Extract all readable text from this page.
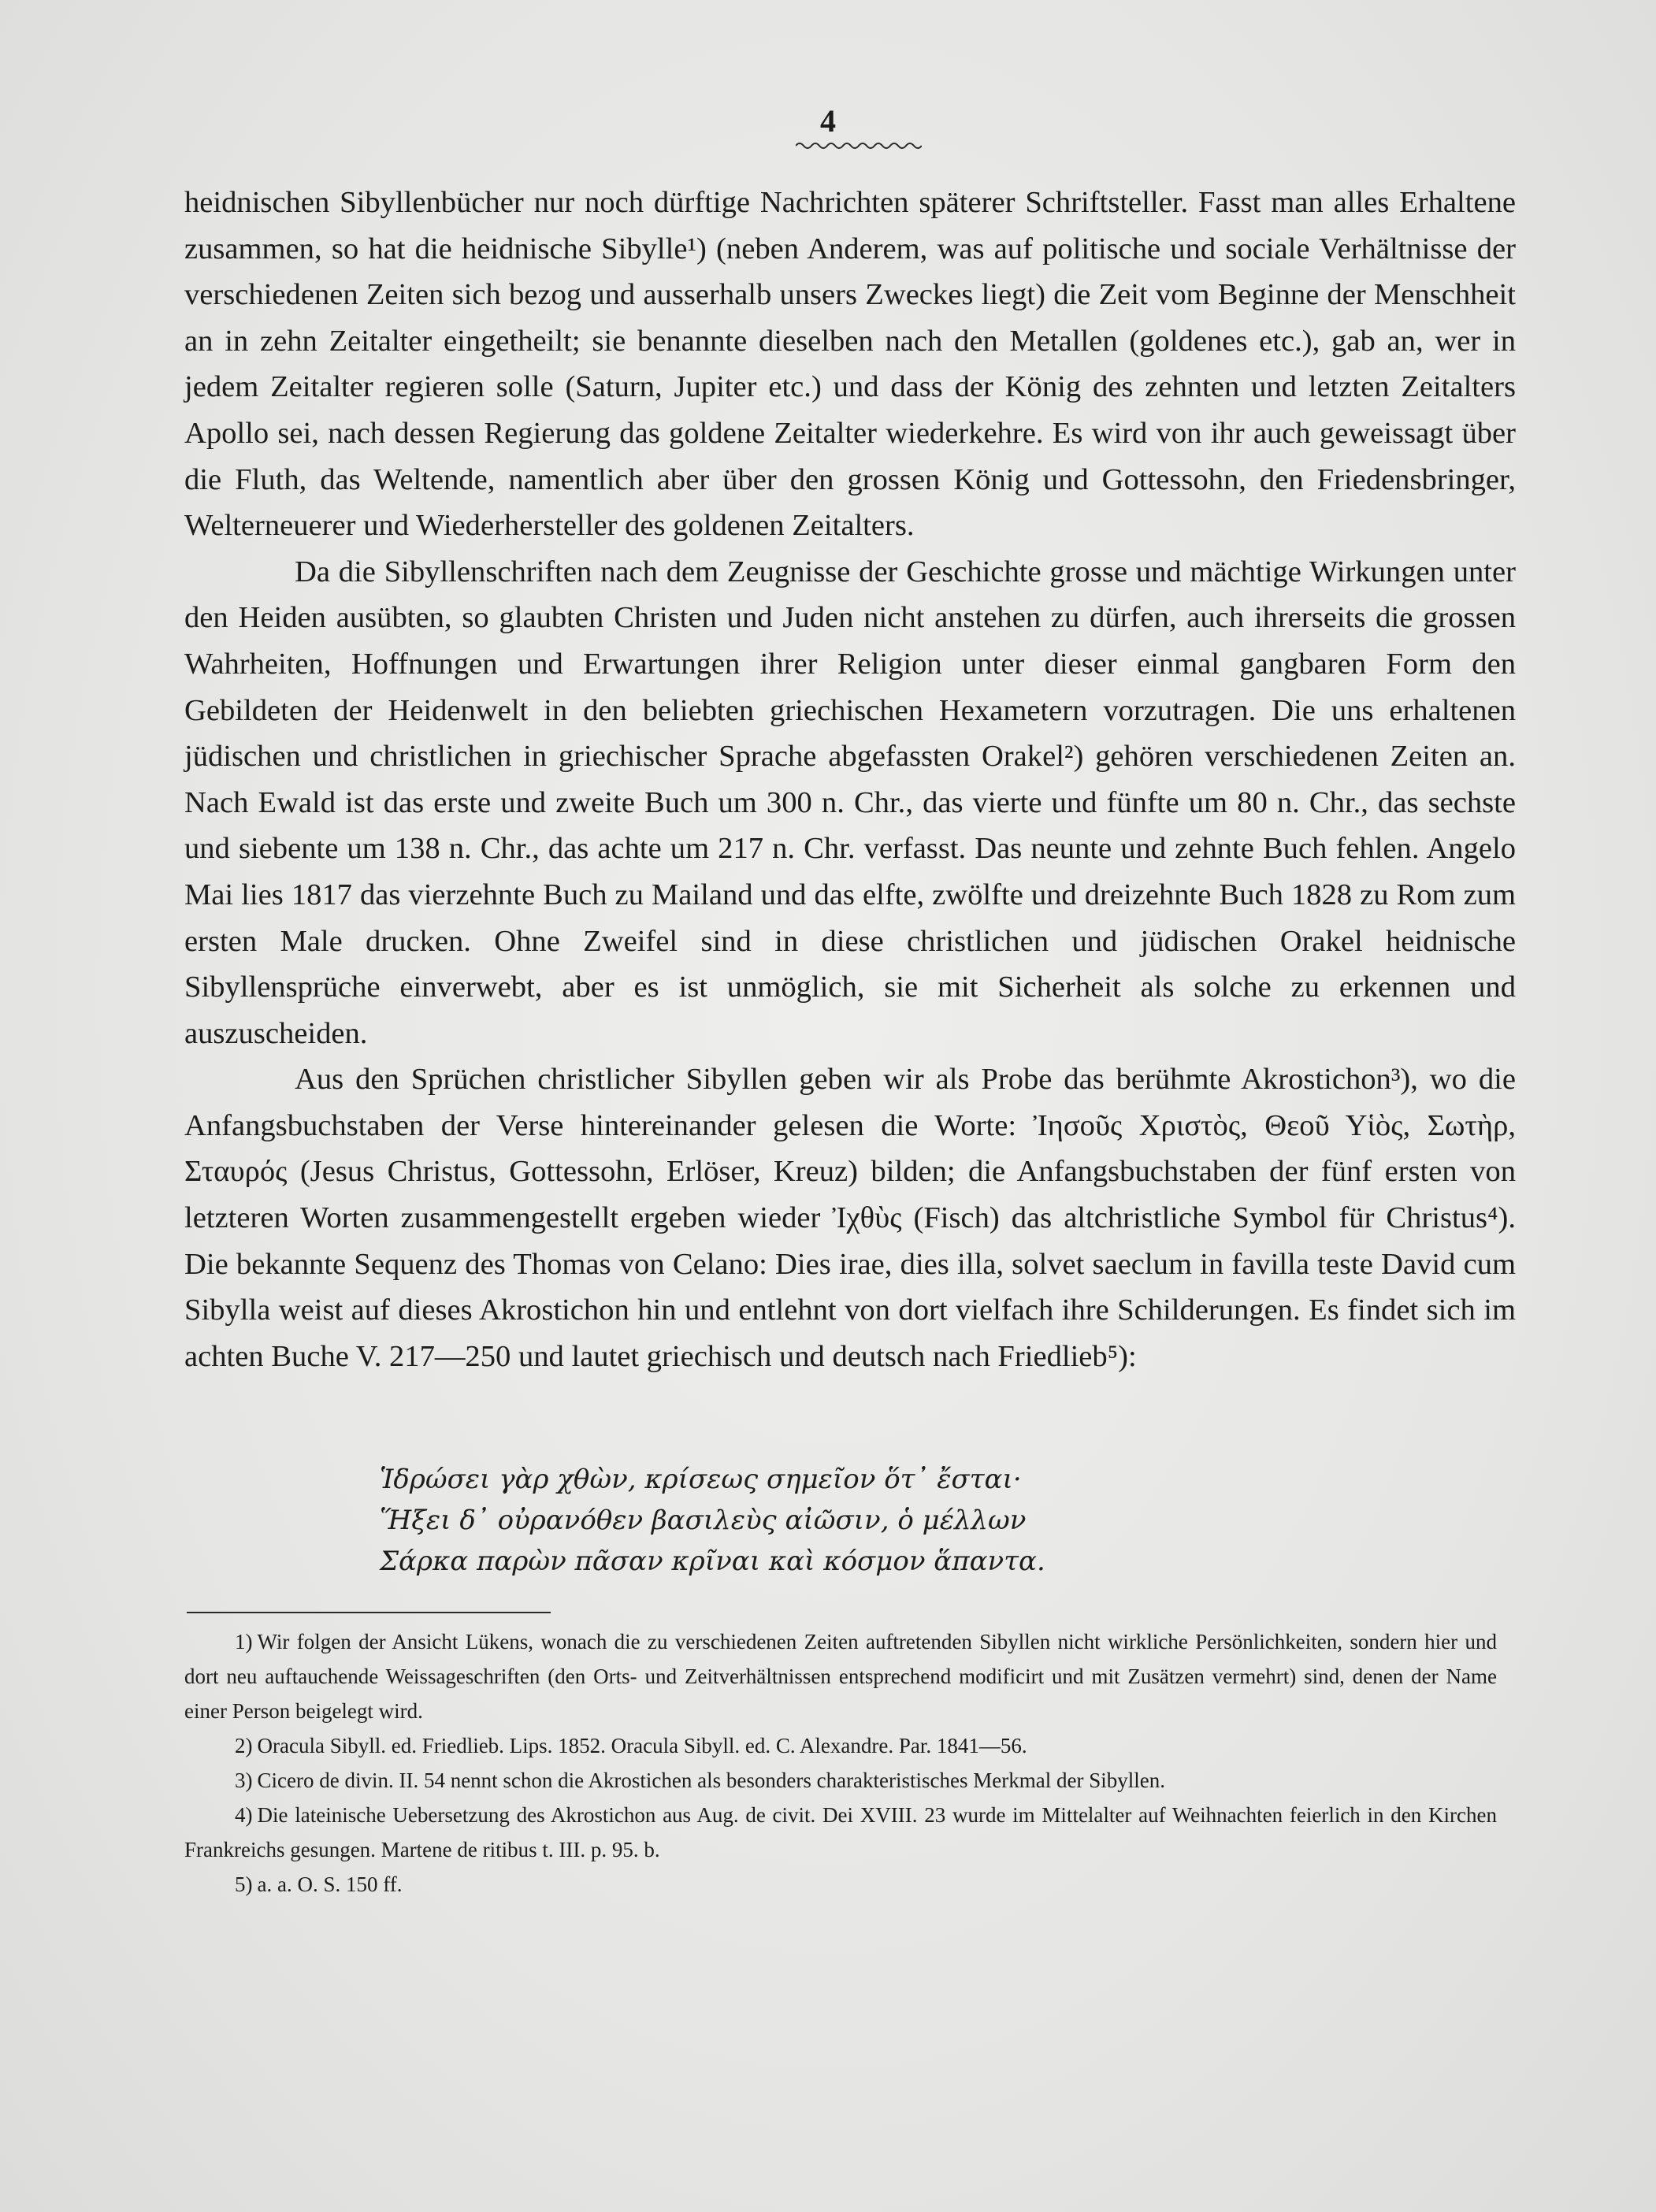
4

heidnischen Sibyllenbücher nur noch dürftige Nachrichten späterer Schriftsteller. Fasst man alles Erhaltene zusammen, so hat die heidnische Sibylle¹) (neben Anderem, was auf politische und sociale Verhältnisse der verschiedenen Zeiten sich bezog und ausserhalb unsers Zweckes liegt) die Zeit vom Beginne der Menschheit an in zehn Zeitalter eingetheilt; sie benannte dieselben nach den Metallen (goldenes etc.), gab an, wer in jedem Zeitalter regieren solle (Saturn, Jupiter etc.) und dass der König des zehnten und letzten Zeitalters Apollo sei, nach dessen Regierung das goldene Zeitalter wiederkehre. Es wird von ihr auch geweissagt über die Fluth, das Weltende, namentlich aber über den grossen König und Gottessohn, den Friedensbringer, Welterneuerer und Wiederhersteller des goldenen Zeitalters.

Da die Sibyllenschriften nach dem Zeugnisse der Geschichte grosse und mächtige Wirkungen unter den Heiden ausübten, so glaubten Christen und Juden nicht anstehen zu dürfen, auch ihrerseits die grossen Wahrheiten, Hoffnungen und Erwartungen ihrer Religion unter dieser einmal gangbaren Form den Gebildeten der Heidenwelt in den beliebten griechischen Hexametern vorzutragen. Die uns erhaltenen jüdischen und christlichen in griechischer Sprache abgefassten Orakel²) gehören verschiedenen Zeiten an. Nach Ewald ist das erste und zweite Buch um 300 n. Chr., das vierte und fünfte um 80 n. Chr., das sechste und siebente um 138 n. Chr., das achte um 217 n. Chr. verfasst. Das neunte und zehnte Buch fehlen. Angelo Mai lies 1817 das vierzehnte Buch zu Mailand und das elfte, zwölfte und dreizehnte Buch 1828 zu Rom zum ersten Male drucken. Ohne Zweifel sind in diese christlichen und jüdischen Orakel heidnische Sibyllensprüche einverwebt, aber es ist unmöglich, sie mit Sicherheit als solche zu erkennen und auszuscheiden.

Aus den Sprüchen christlicher Sibyllen geben wir als Probe das berühmte Akrostichon³), wo die Anfangsbuchstaben der Verse hintereinander gelesen die Worte: Ἰησοῦς Χριστὸς, Θεοῦ Υἱὸς, Σωτὴρ, Σταυρός (Jesus Christus, Gottessohn, Erlöser, Kreuz) bilden; die Anfangsbuchstaben der fünf ersten von letzteren Worten zusammengestellt ergeben wieder Ἰχθὺς (Fisch) das altchristliche Symbol für Christus⁴). Die bekannte Sequenz des Thomas von Celano: Dies irae, dies illa, solvet saeclum in favilla teste David cum Sibylla weist auf dieses Akrostichon hin und entlehnt von dort vielfach ihre Schilderungen. Es findet sich im achten Buche V. 217—250 und lautet griechisch und deutsch nach Friedlieb⁵):

Ἱδρώσει γὰρ χθὼν, κρίσεως σημεῖον ὅτ᾽ ἔσται·
Ἥξει δ᾽ οὐρανόθεν βασιλεὺς αἰῶσιν, ὁ μέλλων
Σάρκα παρὼν πᾶσαν κρῖναι καὶ κόσμον ἅπαντα.

1) Wir folgen der Ansicht Lükens, wonach die zu verschiedenen Zeiten auftretenden Sibyllen nicht wirkliche Persönlichkeiten, sondern hier und dort neu auftauchende Weissageschriften (den Orts- und Zeitverhältnissen entsprechend modificirt und mit Zusätzen vermehrt) sind, denen der Name einer Person beigelegt wird.

2) Oracula Sibyll. ed. Friedlieb. Lips. 1852. Oracula Sibyll. ed. C. Alexandre. Par. 1841—56.

3) Cicero de divin. II. 54 nennt schon die Akrostichen als besonders charakteristisches Merkmal der Sibyllen.

4) Die lateinische Uebersetzung des Akrostichon aus Aug. de civit. Dei XVIII. 23 wurde im Mittelalter auf Weihnachten feierlich in den Kirchen Frankreichs gesungen. Martene de ritibus t. III. p. 95. b.

5) a. a. O. S. 150 ff.
